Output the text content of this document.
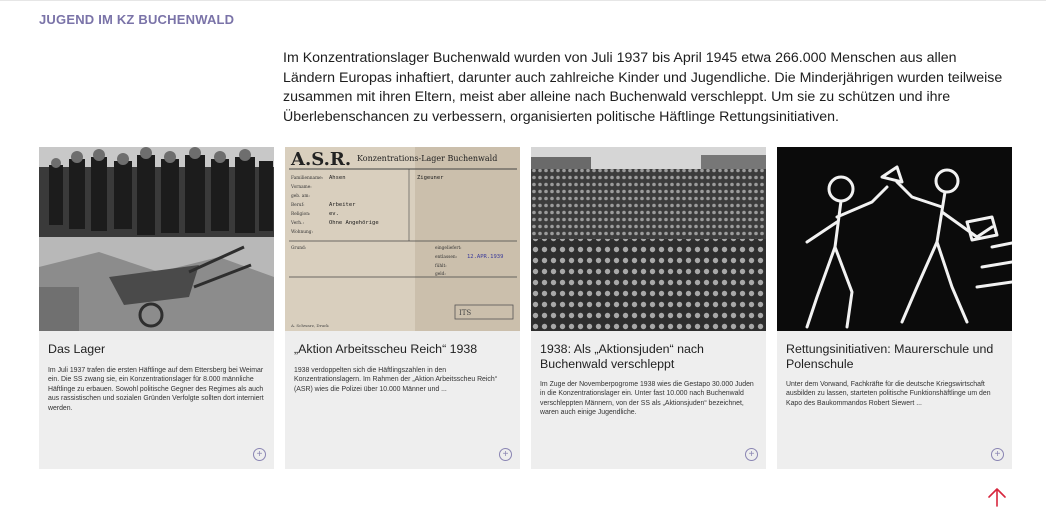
JUGEND IM KZ BUCHENWALD
Im Konzentrationslager Buchenwald wurden von Juli 1937 bis April 1945 etwa 266.000 Menschen aus allen Ländern Europas inhaftiert, darunter auch zahlreiche Kinder und Jugendliche. Die Minderjährigen wurden teilweise zusammen mit ihren Eltern, meist aber alleine nach Buchenwald verschleppt. Um sie zu schützen und ihre Überlebenschancen zu verbessern, organisierten politische Häftlinge Rettungsinitiativen.
Das Lager

Im Juli 1937 trafen die ersten Häftlinge auf dem Ettersberg bei Weimar ein. Die SS zwang sie, ein Konzentrationslager für 8.000 männliche Häftlinge zu erbauen. Sowohl politische Gegner des Regimes als auch aus rassistischen und sozialen Gründen Verfolgte sollten dort interniert werden.

+
A.S.R. Konzentrations-Lager Buchenwald
Familienname:
Vorname:
geb. am:
Beruf:
Religion:
Verh.:
Wohnung:
Grund:	eingeliefert:
entlassen:
fühlt:
geld:
Ahsen	Zigeuner
Arbeiter
ev.
Ohne Angehörige
12.APR.1939
ITS
A. Schwarz, Druck
„Aktion Arbeitsscheu Reich“ 1938

1938 verdoppelten sich die Häftlingszahlen in den Konzentrationslagern. Im Rahmen der „Aktion Arbeitsscheu Reich“ (ASR) wies die Polizei über 10.000 Männer und ...

+
1938: Als „Aktionsjuden“ nach Buchenwald verschleppt

Im Zuge der Novemberpogrome 1938 wies die Gestapo 30.000 Juden in die Konzentrationslager ein. Unter fast 10.000 nach Buchenwald verschleppten Männern, von der SS als „Aktionsjuden“ bezeichnet, waren auch einige Jugendliche.

+
Rettungsinitiativen: Maurerschule und Polenschule

Unter dem Vorwand, Fachkräfte für die deutsche Kriegswirtschaft ausbilden zu lassen, starteten politische Funktionshäftlinge um den Kapo des Baukommandos Robert Siewert ...

+
